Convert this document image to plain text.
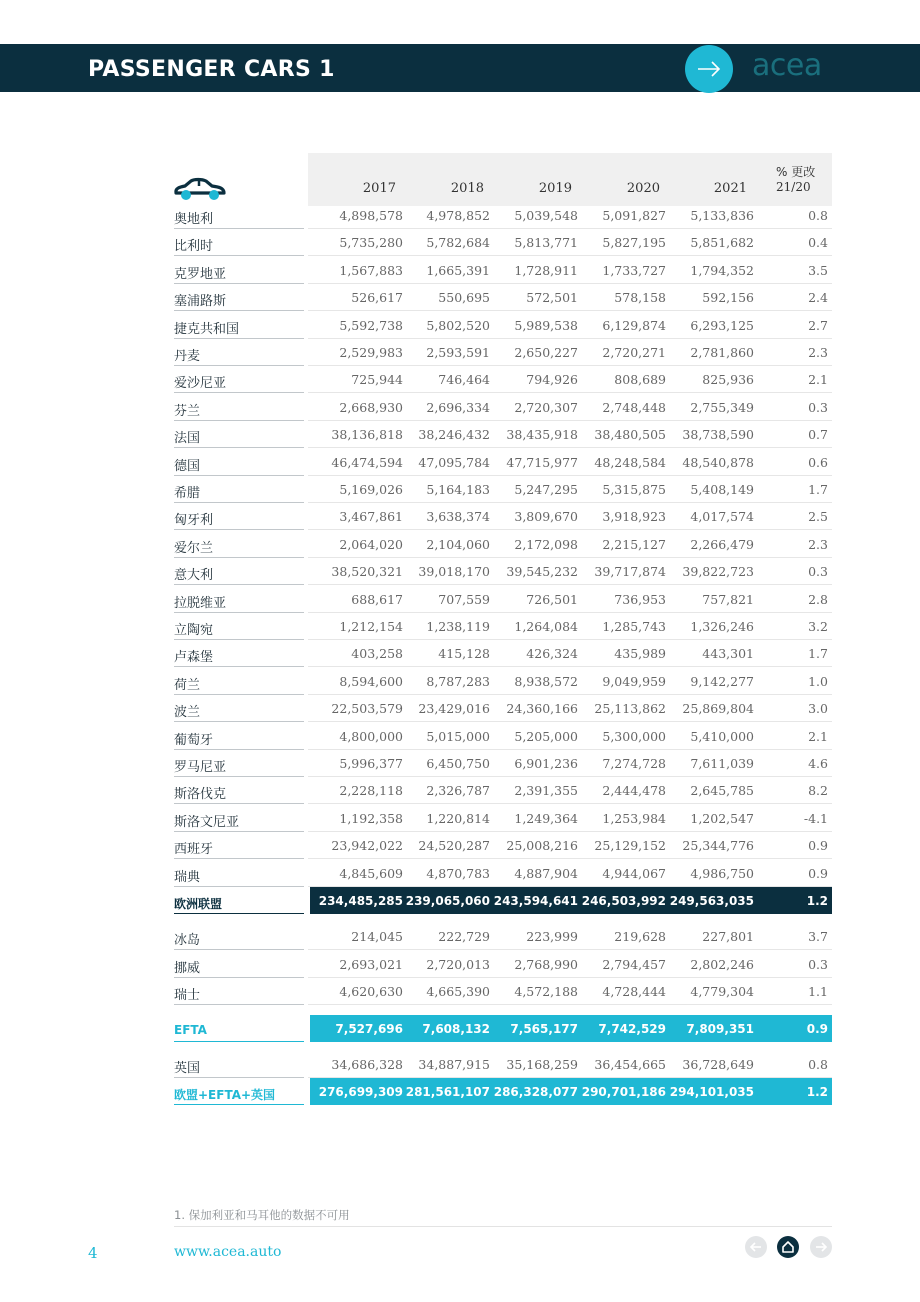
PASSENGER CARS 1	acea
2017	2018	2019	2020	2021
% 更改
21/20
奥地利	4,898,578 4,978,852 5,039,548 5,091,827 5,133,836	0.8
比利时	5,735,280 5,782,684 5,813,771 5,827,195 5,851,682	0.4
克罗地亚	1,567,883 1,665,391 1,728,911 1,733,727 1,794,352	3.5
塞浦路斯	526,617	550,695	572,501	578,158	592,156	2.4
捷克共和国	5,592,738 5,802,520 5,989,538 6,129,874 6,293,125	2.7
丹麦	2,529,983 2,593,591 2,650,227 2,720,271 2,781,860	2.3
爱沙尼亚	725,944	746,464	794,926	808,689	825,936	2.1
芬兰	2,668,930 2,696,334 2,720,307 2,748,448 2,755,349	0.3
法国	38,136,818 38,246,432 38,435,918 38,480,505 38,738,590	0.7
德国	46,474,594 47,095,784 47,715,977 48,248,584 48,540,878	0.6
希腊	5,169,026 5,164,183 5,247,295 5,315,875 5,408,149	1.7
匈牙利	3,467,861 3,638,374 3,809,670 3,918,923 4,017,574	2.5
爱尔兰	2,064,020 2,104,060 2,172,098 2,215,127 2,266,479	2.3
意大利	38,520,321 39,018,170 39,545,232 39,717,874 39,822,723	0.3
拉脱维亚	688,617	707,559	726,501	736,953	757,821	2.8
立陶宛	1,212,154 1,238,119 1,264,084 1,285,743 1,326,246	3.2
卢森堡	403,258	415,128	426,324	435,989	443,301	1.7
荷兰	8,594,600 8,787,283 8,938,572 9,049,959 9,142,277	1.0
波兰	22,503,579 23,429,016 24,360,166 25,113,862 25,869,804	3.0
葡萄牙	4,800,000 5,015,000 5,205,000 5,300,000 5,410,000	2.1
罗马尼亚	5,996,377 6,450,750 6,901,236 7,274,728 7,611,039	4.6
斯洛伐克	2,228,118 2,326,787 2,391,355 2,444,478 2,645,785	8.2
斯洛文尼亚	1,192,358 1,220,814 1,249,364 1,253,984 1,202,547	-4.1
西班牙	23,942,022 24,520,287 25,008,216 25,129,152 25,344,776	0.9
瑞典	4,845,609 4,870,783 4,887,904 4,944,067 4,986,750	0.9
欧洲联盟	234,485,285 239,065,060 243,594,641 246,503,992 249,563,035	1.2
冰岛	214,045	222,729	223,999	219,628	227,801	3.7
挪威	2,693,021 2,720,013 2,768,990 2,794,457 2,802,246	0.3
瑞士	4,620,630 4,665,390 4,572,188 4,728,444 4,779,304	1.1
EFTA	7,527,696 7,608,132 7,565,177 7,742,529 7,809,351	0.9
英国	34,686,328 34,887,915 35,168,259 36,454,665 36,728,649	0.8
欧盟+EFTA+英国	276,699,309 281,561,107 286,328,077 290,701,186 294,101,035	1.2
1. 保加利亚和马耳他的数据不可用
4	www.acea.auto
